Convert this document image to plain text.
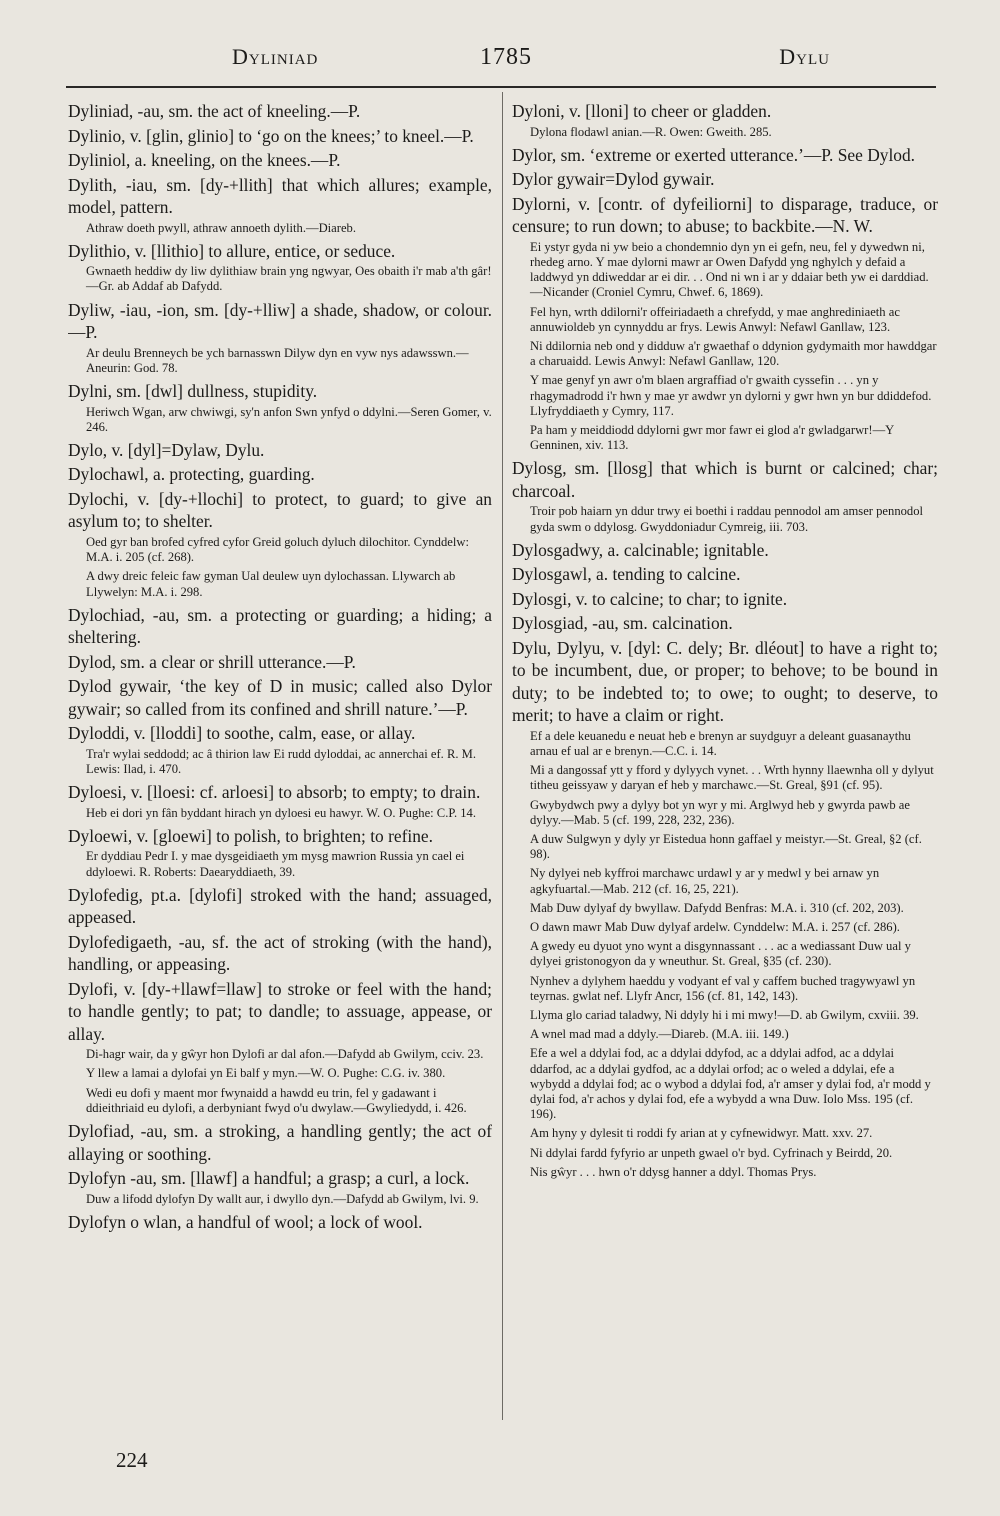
Dyliniad	1785	Dylu
Dyliniad, -au, sm. the act of kneeling.—P.
Dylinio, v. [glin, glinio] to ‘go on the knees;’ to kneel.—P.
Dyliniol, a. kneeling, on the knees.—P.
Dylith, -iau, sm. [dy-+llith] that which allures; example, model, pattern.
Athraw doeth pwyll, athraw annoeth dylith.—Diareb.
Dylithio, v. [llithio] to allure, entice, or seduce.
Gwnaeth heddiw dy liw dylithiaw brain yng ngwyar, Oes obaith i'r mab a'th gâr!—Gr. ab Addaf ab Dafydd.
Dyliw, -iau, -ion, sm. [dy-+lliw] a shade, shadow, or colour.—P.
Ar deulu Brenneych be ych barnasswn Dilyw dyn en vyw nys adawsswn.—Aneurin: God. 78.
Dylni, sm. [dwl] dullness, stupidity.
Heriwch Wgan, arw chwiwgi, sy'n anfon Swn ynfyd o ddylni.—Seren Gomer, v. 246.
Dylo, v. [dyl]=Dylaw, Dylu.
Dylochawl, a. protecting, guarding.
Dylochi, v. [dy-+llochi] to protect, to guard; to give an asylum to; to shelter.
Oed gyr ban brofed cyfred cyfor Greid goluch dyluch dilochitor. Cynddelw: M.A. i. 205 (cf. 268).
A dwy dreic feleic faw gyman Ual deulew uyn dylochassan. Llywarch ab Llywelyn: M.A. i. 298.
Dylochiad, -au, sm. a protecting or guarding; a hiding; a sheltering.
Dylod, sm. a clear or shrill utterance.—P.
Dylod gywair, ‘the key of D in music; called also Dylor gywair; so called from its confined and shrill nature.’—P.
Dyloddi, v. [lloddi] to soothe, calm, ease, or allay.
Tra'r wylai seddodd; ac â thirion law Ei rudd dyloddai, ac annerchai ef. R. M. Lewis: Ilad, i. 470.
Dyloesi, v. [lloesi: cf. arloesi] to absorb; to empty; to drain.
Heb ei dori yn fân byddant hirach yn dyloesi eu hawyr. W. O. Pughe: C.P. 14.
Dyloewi, v. [gloewi] to polish, to brighten; to refine.
Er dyddiau Pedr I. y mae dysgeidiaeth ym mysg mawrion Russia yn cael ei ddyloewi. R. Roberts: Daearyddiaeth, 39.
Dylofedig, pt.a. [dylofi] stroked with the hand; assuaged, appeased.
Dylofedigaeth, -au, sf. the act of stroking (with the hand), handling, or appeasing.
Dylofi, v. [dy-+llawf=llaw] to stroke or feel with the hand; to handle gently; to pat; to dandle; to assuage, appease, or allay.
Di-hagr wair, da y gŵyr hon Dylofi ar dal afon.—Dafydd ab Gwilym, cciv. 23.
Y llew a lamai a dylofai yn Ei balf y myn.—W. O. Pughe: C.G. iv. 380.
Wedi eu dofi y maent mor fwynaidd a hawdd eu trin, fel y gadawant i ddieithriaid eu dylofi, a derbyniant fwyd o'u dwylaw.—Gwyliedydd, i. 426.
Dylofiad, -au, sm. a stroking, a handling gently; the act of allaying or soothing.
Dylofyn -au, sm. [llawf] a handful; a grasp; a curl, a lock.
Duw a lifodd dylofyn Dy wallt aur, i dwyllo dyn.—Dafydd ab Gwilym, lvi. 9.
Dylofyn o wlan, a handful of wool; a lock of wool.
Dyloni, v. [lloni] to cheer or gladden.
Dylona flodawl anian.—R. Owen: Gweith. 285.
Dylor, sm. ‘extreme or exerted utterance.’—P. See Dylod.
Dylor gywair=Dylod gywair.
Dylorni, v. [contr. of dyfeiliorni] to disparage, traduce, or censure; to run down; to abuse; to backbite.—N. W.
Ei ystyr gyda ni yw beio a chondemnio dyn yn ei gefn, neu, fel y dywedwn ni, rhedeg arno. Y mae dylorni mawr ar Owen Dafydd yng nghylch y defaid a laddwyd yn ddiweddar ar ei dir. . . Ond ni wn i ar y ddaiar beth yw ei darddiad.—Nicander (Croniel Cymru, Chwef. 6, 1869).
Fel hyn, wrth ddilorni'r offeiriadaeth a chrefydd, y mae anghrediniaeth ac annuwioldeb yn cynnyddu ar frys. Lewis Anwyl: Nefawl Ganllaw, 123.
Ni ddilornia neb ond y didduw a'r gwaethaf o ddynion gydymaith mor hawddgar a charuaidd. Lewis Anwyl: Nefawl Ganllaw, 120.
Y mae genyf yn awr o'm blaen argraffiad o'r gwaith cyssefin . . . yn y rhagymadrodd i'r hwn y mae yr awdwr yn dylorni y gwr hwn yn bur ddiddefod. Llyfryddiaeth y Cymry, 117.
Pa ham y meiddiodd ddylorni gwr mor fawr ei glod a'r gwladgarwr!—Y Genninen, xiv. 113.
Dylosg, sm. [llosg] that which is burnt or calcined; char; charcoal.
Troir pob haiarn yn ddur trwy ei boethi i raddau pennodol am amser pennodol gyda swm o ddylosg. Gwyddoniadur Cymreig, iii. 703.
Dylosgadwy, a. calcinable; ignitable.
Dylosgawl, a. tending to calcine.
Dylosgi, v. to calcine; to char; to ignite.
Dylosgiad, -au, sm. calcination.
Dylu, Dylyu, v. [dyl: C. dely; Br. dléout] to have a right to; to be incumbent, due, or proper; to behove; to be bound in duty; to be indebted to; to owe; to ought; to deserve, to merit; to have a claim or right.
Ef a dele keuanedu e neuat heb e brenyn ar suydguyr a deleant guasanaythu arnau ef ual ar e brenyn.—C.C. i. 14.
Mi a dangossaf ytt y fford y dylyych vynet. . . Wrth hynny llaewnha oll y dylyut titheu geissyaw y daryan ef heb y marchawc.—St. Greal, §91 (cf. 95).
Gwybydwch pwy a dylyy bot yn wyr y mi. Arglwyd heb y gwyrda pawb ae dylyy.—Mab. 5 (cf. 199, 228, 232, 236).
A duw Sulgwyn y dyly yr Eistedua honn gaffael y meistyr.—St. Greal, §2 (cf. 98).
Ny dylyei neb kyffroi marchawc urdawl y ar y medwl y bei arnaw yn agkyfuartal.—Mab. 212 (cf. 16, 25, 221).
Mab Duw dylyaf dy bwyllaw. Dafydd Benfras: M.A. i. 310 (cf. 202, 203).
O dawn mawr Mab Duw dylyaf ardelw. Cynddelw: M.A. i. 257 (cf. 286).
A gwedy eu dyuot yno wynt a disgynnassant . . . ac a wediassant Duw ual y dylyei gristonogyon da y wneuthur. St. Greal, §35 (cf. 230).
Nynhev a dylyhem haeddu y vodyant ef val y caffem buched tragywyawl yn teyrnas. gwlat nef. Llyfr Ancr, 156 (cf. 81, 142, 143).
Llyma glo cariad taladwy, Ni ddyly hi i mi mwy!—D. ab Gwilym, cxviii. 39.
A wnel mad mad a ddyly.—Diareb. (M.A. iii. 149.)
Efe a wel a ddylai fod, ac a ddylai ddyfod, ac a ddylai adfod, ac a ddylai ddarfod, ac a ddylai gydfod, ac a ddylai orfod; ac o weled a ddylai, efe a wybydd a ddylai fod; ac o wybod a ddylai fod, a'r amser y dylai fod, a'r modd y dylai fod, a'r achos y dylai fod, efe a wybydd a wna Duw. Iolo Mss. 195 (cf. 196).
Am hyny y dylesit ti roddi fy arian at y cyfnewidwyr. Matt. xxv. 27.
Ni ddylai fardd fyfyrio ar unpeth gwael o'r byd. Cyfrinach y Beirdd, 20.
Nis gŵyr . . . hwn o'r ddysg hanner a ddyl. Thomas Prys.
224
